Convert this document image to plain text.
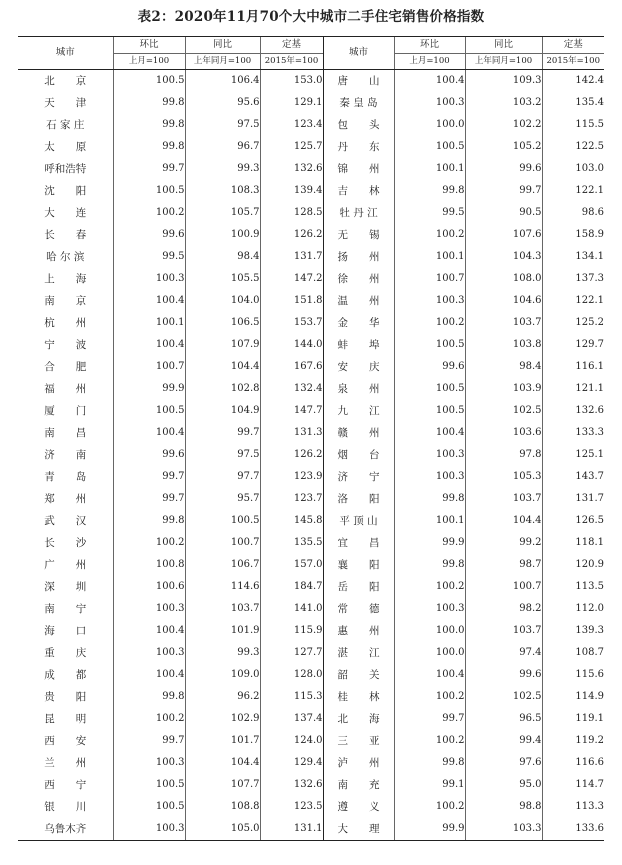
表2：2020年11月70个大中城市二手住宅销售价格指数
城市	环比	同比	定基	城市	环比	同比	定基
	上月=100	上年同月=100	2015年=100		上月=100	上年同月=100	2015年=100
北　　京	100.5	106.4	153.0	唐　　山	100.4	109.3	142.4
天　　津	99.8	95.6	129.1	秦 皇 岛	100.3	103.2	135.4
石 家 庄	99.8	97.5	123.4	包　　头	100.0	102.2	115.5
太　　原	99.8	96.7	125.7	丹　　东	100.5	105.2	122.5
呼和浩特	99.7	99.3	132.6	锦　　州	100.1	99.6	103.0
沈　　阳	100.5	108.3	139.4	吉　　林	99.8	99.7	122.1
大　　连	100.2	105.7	128.5	牡 丹 江	99.5	90.5	98.6
长　　春	99.6	100.9	126.2	无　　锡	100.2	107.6	158.9
哈 尔 滨	99.5	98.4	131.7	扬　　州	100.1	104.3	134.1
上　　海	100.3	105.5	147.2	徐　　州	100.7	108.0	137.3
南　　京	100.4	104.0	151.8	温　　州	100.3	104.6	122.1
杭　　州	100.1	106.5	153.7	金　　华	100.2	103.7	125.2
宁　　波	100.4	107.9	144.0	蚌　　埠	100.5	103.8	129.7
合　　肥	100.7	104.4	167.6	安　　庆	99.6	98.4	116.1
福　　州	99.9	102.8	132.4	泉　　州	100.5	103.9	121.1
厦　　门	100.5	104.9	147.7	九　　江	100.5	102.5	132.6
南　　昌	100.4	99.7	131.3	赣　　州	100.4	103.6	133.3
济　　南	99.6	97.5	126.2	烟　　台	100.3	97.8	125.1
青　　岛	99.7	97.7	123.9	济　　宁	100.3	105.3	143.7
郑　　州	99.7	95.7	123.7	洛　　阳	99.8	103.7	131.7
武　　汉	99.8	100.5	145.8	平 顶 山	100.1	104.4	126.5
长　　沙	100.2	100.7	135.5	宜　　昌	99.9	99.2	118.1
广　　州	100.8	106.7	157.0	襄　　阳	99.8	98.7	120.9
深　　圳	100.6	114.6	184.7	岳　　阳	100.2	100.7	113.5
南　　宁	100.3	103.7	141.0	常　　德	100.3	98.2	112.0
海　　口	100.4	101.9	115.9	惠　　州	100.0	103.7	139.3
重　　庆	100.3	99.3	127.7	湛　　江	100.0	97.4	108.7
成　　都	100.4	109.0	128.0	韶　　关	100.4	99.6	115.6
贵　　阳	99.8	96.2	115.3	桂　　林	100.2	102.5	114.9
昆　　明	100.2	102.9	137.4	北　　海	99.7	96.5	119.1
西　　安	99.7	101.7	124.0	三　　亚	100.2	99.4	119.2
兰　　州	100.3	104.4	129.4	泸　　州	99.8	97.6	116.6
西　　宁	100.5	107.7	132.6	南　　充	99.1	95.0	114.7
银　　川	100.5	108.8	123.5	遵　　义	100.2	98.8	113.3
乌鲁木齐	100.3	105.0	131.1	大　　理	99.9	103.3	133.6
